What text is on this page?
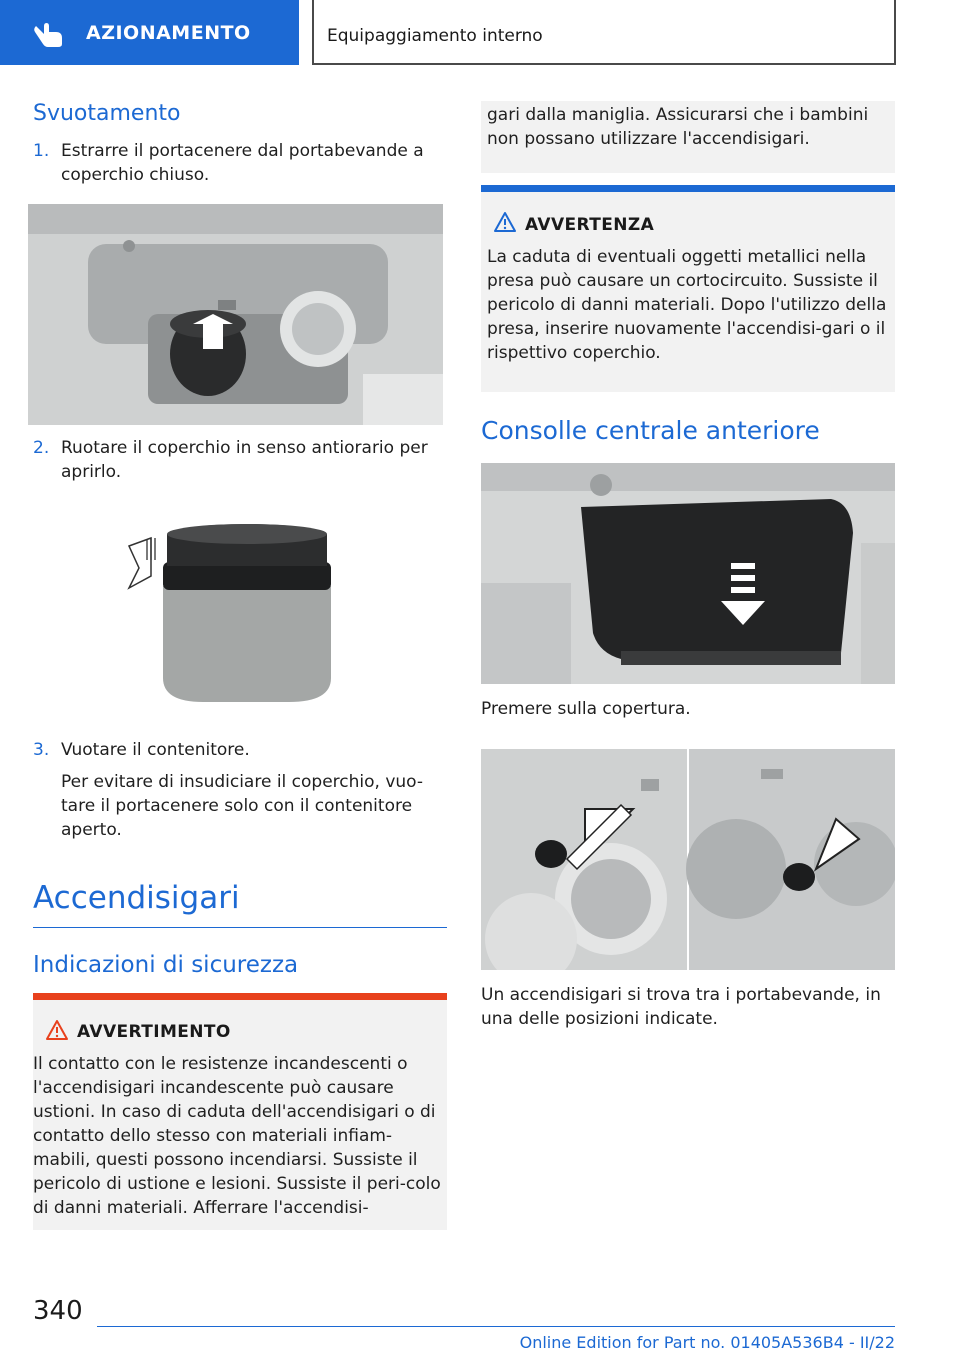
AZIONAMENTO	Equipaggiamento interno
Svuotamento
1. Estrarre il portacenere dal portabevande a coperchio chiuso.
2. Ruotare il coperchio in senso antiorario per aprirlo.
3. Vuotare il contenitore.
Per evitare di insudiciare il coperchio, vuo-tare il portacenere solo con il contenitore aperto.
Accendisigari
Indicazioni di sicurezza
AVVERTIMENTO
Il contatto con le resistenze incandescenti o l'accendisigari incandescente può causare ustioni. In caso di caduta dell'accendisigari o di contatto dello stesso con materiali infiam-mabili, questi possono incendiarsi. Sussiste il pericolo di ustione e lesioni. Sussiste il peri-colo di danni materiali. Afferrare l'accendisi-
gari dalla maniglia. Assicurarsi che i bambini non possano utilizzare l'accendisigari.
AVVERTENZA
La caduta di eventuali oggetti metallici nella presa può causare un cortocircuito. Sussiste il pericolo di danni materiali. Dopo l'utilizzo della presa, inserire nuovamente l'accendisi-gari o il rispettivo coperchio.
Consolle centrale anteriore
Premere sulla copertura.
Un accendisigari si trova tra i portabevande, in una delle posizioni indicate.
340
Online Edition for Part no. 01405A536B4 - II/22
